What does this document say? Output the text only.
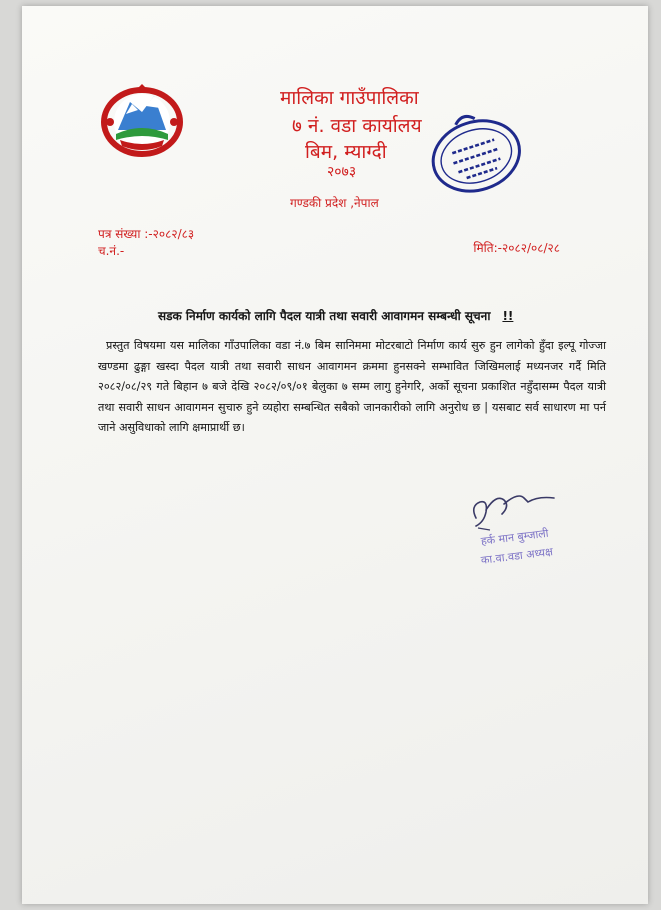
मालिका गाउँपालिका
७ नं. वडा कार्यालय
बिम, म्याग्दी
२०७३
गण्डकी प्रदेश ,नेपाल
पत्र संख्या :-२०८२/८३
च.नं.-	मिति:-२०८२/०८/२८
सडक निर्माण कार्यको लागि पैदल यात्री तथा सवारी आवागमन सम्बन्धी सूचना !!
प्रस्तुत विषयमा यस मालिका गाँउपालिका वडा नं.७ बिम सानिममा मोटरबाटो निर्माण कार्य सुरु हुन लागेको हुँदा इल्पू गोज्जा खण्डमा ढुङ्गा खस्दा पैदल यात्री तथा सवारी साधन आवागमन क्रममा हुनसक्ने सम्भावित जिखिमलाई मध्यनजर गर्दै मिति २०८२/०८/२९ गते बिहान ७ बजे देखि २०८२/०९/०१ बेलुका ७ सम्म लागु हुनेगरि, अर्को सूचना प्रकाशित नहुँदासम्म पैदल यात्री तथा सवारी साधन आवागमन सुचारु हुने व्यहोरा सम्बन्धित सबैको जानकारीको लागि अनुरोध छ | यसबाट सर्व साधारण मा पर्न जाने असुविधाको लागि क्षमाप्रार्थी छ।
हर्क मान बुम्जाली
का.वा.वडा अध्यक्ष
